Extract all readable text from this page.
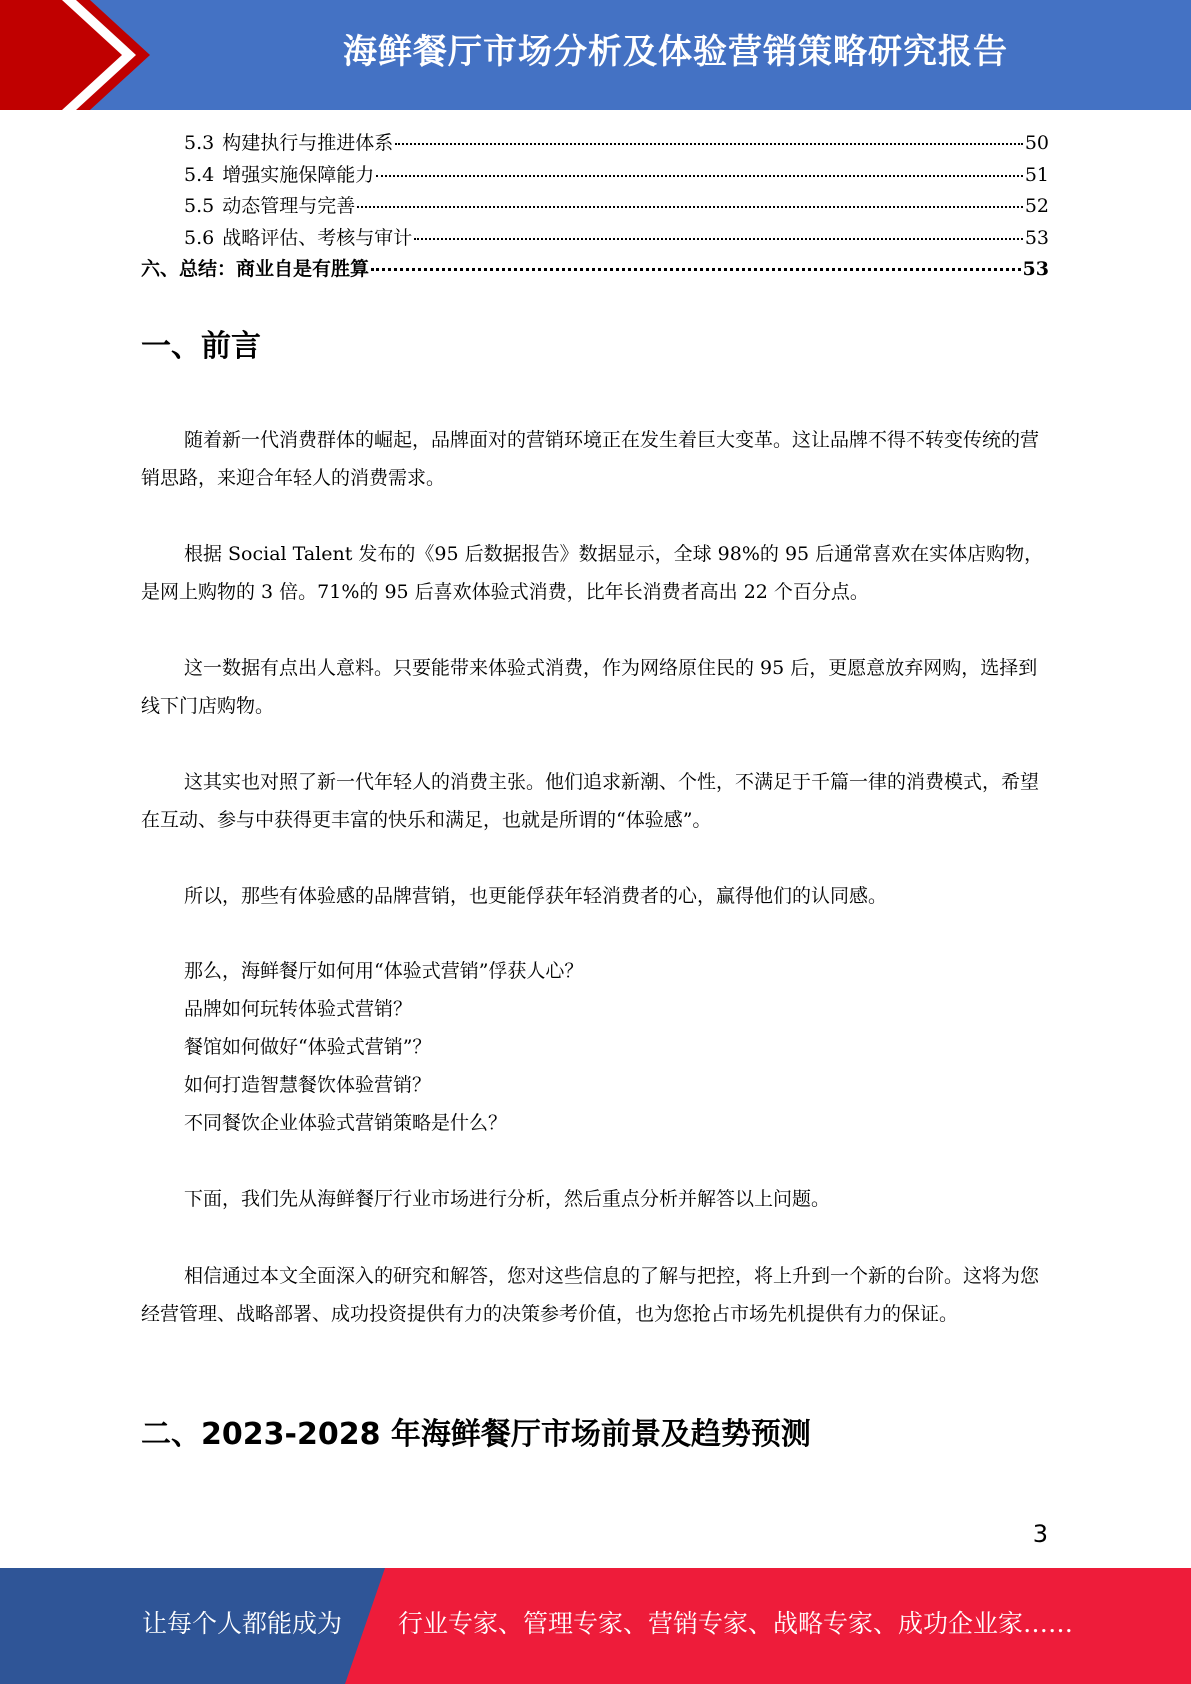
海鲜餐厅市场分析及体验营销策略研究报告
5.3 构建执行与推进体系	50
5.4 增强实施保障能力	51
5.5 动态管理与完善	52
5.6 战略评估、考核与审计	53
六、总结：商业自是有胜算	53
一、前言
随着新一代消费群体的崛起，品牌面对的营销环境正在发生着巨大变革。这让品牌不得不转变传统的营销思路，来迎合年轻人的消费需求。
根据 Social Talent 发布的《95 后数据报告》数据显示，全球 98%的 95 后通常喜欢在实体店购物，是网上购物的 3 倍。71%的 95 后喜欢体验式消费，比年长消费者高出 22 个百分点。
这一数据有点出人意料。只要能带来体验式消费，作为网络原住民的 95 后，更愿意放弃网购，选择到线下门店购物。
这其实也对照了新一代年轻人的消费主张。他们追求新潮、个性，不满足于千篇一律的消费模式，希望在互动、参与中获得更丰富的快乐和满足，也就是所谓的“体验感”。
所以，那些有体验感的品牌营销，也更能俘获年轻消费者的心，赢得他们的认同感。
那么，海鲜餐厅如何用“体验式营销”俘获人心？
品牌如何玩转体验式营销？
餐馆如何做好“体验式营销”？
如何打造智慧餐饮体验营销？
不同餐饮企业体验式营销策略是什么？
下面，我们先从海鲜餐厅行业市场进行分析，然后重点分析并解答以上问题。
相信通过本文全面深入的研究和解答，您对这些信息的了解与把控，将上升到一个新的台阶。这将为您经营管理、战略部署、成功投资提供有力的决策参考价值，也为您抢占市场先机提供有力的保证。
二、2023-2028 年海鲜餐厅市场前景及趋势预测
3
让每个人都能成为 行业专家、管理专家、营销专家、战略专家、成功企业家……
